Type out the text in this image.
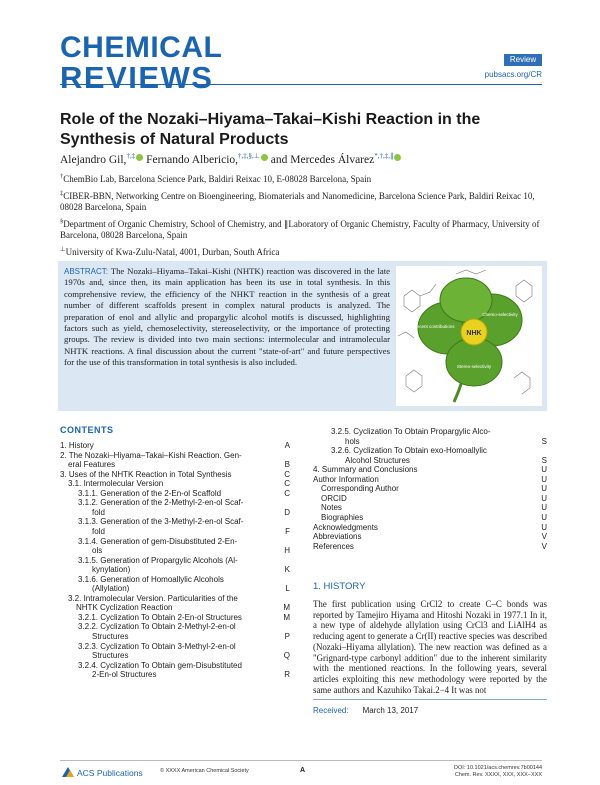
CHEMICAL
REVIEWS
Review
pubsacs.org/CR
Role of the Nozaki–Hiyama–Takai–Kishi Reaction in the Synthesis of Natural Products
Alejandro Gil,†,‡ Fernando Albericio,†,‡,§,⊥ and Mercedes Álvarez*,†,‡,∥

†ChemBio Lab, Barcelona Science Park, Baldiri Reixac 10, E-08028 Barcelona, Spain

‡CIBER-BBN, Networking Centre on Bioengineering, Biomaterials and Nanomedicine, Barcelona Science Park, Baldiri Reixac 10, 08028 Barcelona, Spain

§Department of Organic Chemistry, School of Chemistry, and ∥Laboratory of Organic Chemistry, Faculty of Pharmacy, University of Barcelona, 08028 Barcelona, Spain

⊥University of Kwa-Zulu-Natal, 4001, Durban, South Africa

ABSTRACT: The Nozaki–Hiyama–Takai–Kishi (NHTK) reaction was discovered in the late 1970s and, since then, its main application has been its use in total synthesis. In this comprehensive review, the efficiency of the NHKT reaction in the synthesis of a great number of different scaffolds present in complex natural products is analyzed. The preparation of enol and allylic and propargylic alcohol motifs is discussed, highlighting factors such as yield, chemoselectivity, stereoselectivity, or the importance of protecting groups. The review is divided into two main sections: intermolecular and intramolecular NHTK reactions. A final discussion about the current "state-of-art" and future perspectives for the use of this transformation in total synthesis is also included.
NHK
Recent contributions
Chemo-selectivity
Stereo-selectivity
CONTENTS
1. History	A
2. The Nozaki–Hiyama–Takai–Kishi Reaction. Gen-
eral Features	B
3. Uses of the NHTK Reaction in Total Synthesis	C
3.1. Intermolecular Version	C
3.1.1. Generation of the 2-En-ol Scaffold	C
3.1.2. Generation of the 2-Methyl-2-en-ol Scaf-
fold	D
3.1.3. Generation of the 3-Methyl-2-en-ol Scaf-
fold	F
3.1.4. Generation of gem-Disubstituted 2-En-
ols	H
3.1.5. Generation of Propargylic Alcohols (Al-
kynylation)	K
3.1.6. Generation of Homoallylic Alcohols
(Allylation)	L
3.2. Intramolecular Version. Particularities of the
NHTK Cyclization Reaction	M
3.2.1. Cyclization To Obtain 2-En-ol Structures	M
3.2.2. Cyclization To Obtain 2-Methyl-2-en-ol
Structures	P
3.2.3. Cyclization To Obtain 3-Methyl-2-en-ol
Structures	Q
3.2.4. Cyclization To Obtain gem-Disubstituted
2-En-ol Structures	R
3.2.5. Cyclization To Obtain Propargylic Alco-
hols	S
3.2.6. Cyclization To Obtain exo-Homoallylic
Alcohol Structures	S
4. Summary and Conclusions	U
Author Information	U
Corresponding Author	U
ORCID	U
Notes	U
Biographies	U
Acknowledgments	U
Abbreviations	V
References	V
1. HISTORY
The first publication using CrCl2 to create C–C bonds was reported by Tamejiro Hiyama and Hitoshi Nozaki in 1977.1 In it, a new type of aldehyde allylation using CrCl3 and LiAlH4 as reducing agent to generate a Cr(II) reactive species was described (Nozaki–Hiyama allylation). The new reaction was defined as a "Grignard-type carbonyl addition" due to the inherent similarity with the mentioned reactions. In the following years, several articles exploiting this new methodology were reported by the same authors and Kazuhiko Takai.2−4 It was not
Received: March 13, 2017
ACS Publications	© XXXX American Chemical Society	A	DOI: 10.1021/acs.chemrev.7b00144
Chem. Rev. XXXX, XXX, XXX−XXX
